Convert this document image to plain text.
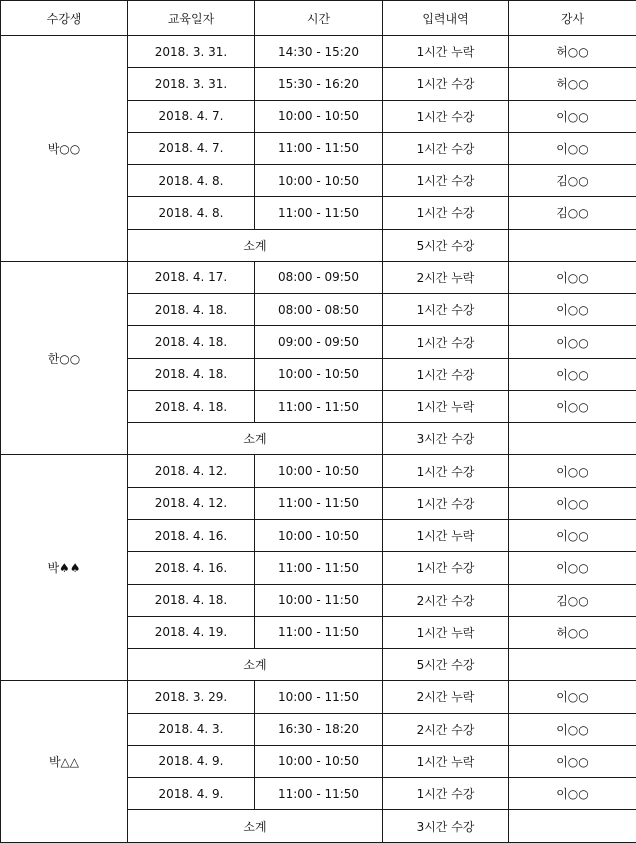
수강생	교육일자	시간	입력내역	강사
박○○	2018. 3. 31.	14:30 - 15:20	1시간 누락	허○○
	2018. 3. 31.	15:30 - 16:20	1시간 수강	허○○
	2018. 4. 7.	10:00 - 10:50	1시간 수강	이○○
	2018. 4. 7.	11:00 - 11:50	1시간 수강	이○○
	2018. 4. 8.	10:00 - 10:50	1시간 수강	김○○
	2018. 4. 8.	11:00 - 11:50	1시간 수강	김○○
	소계		5시간 수강	
한○○	2018. 4. 17.	08:00 - 09:50	2시간 누락	이○○
	2018. 4. 18.	08:00 - 08:50	1시간 수강	이○○
	2018. 4. 18.	09:00 - 09:50	1시간 수강	이○○
	2018. 4. 18.	10:00 - 10:50	1시간 수강	이○○
	2018. 4. 18.	11:00 - 11:50	1시간 누락	이○○
	소계		3시간 수강	
박♠♠	2018. 4. 12.	10:00 - 10:50	1시간 수강	이○○
	2018. 4. 12.	11:00 - 11:50	1시간 수강	이○○
	2018. 4. 16.	10:00 - 10:50	1시간 누락	이○○
	2018. 4. 16.	11:00 - 11:50	1시간 수강	이○○
	2018. 4. 18.	10:00 - 11:50	2시간 수강	김○○
	2018. 4. 19.	11:00 - 11:50	1시간 누락	허○○
	소계		5시간 수강	
박△△	2018. 3. 29.	10:00 - 11:50	2시간 누락	이○○
	2018. 4. 3.	16:30 - 18:20	2시간 수강	이○○
	2018. 4. 9.	10:00 - 10:50	1시간 누락	이○○
	2018. 4. 9.	11:00 - 11:50	1시간 수강	이○○
	소계		3시간 수강	
